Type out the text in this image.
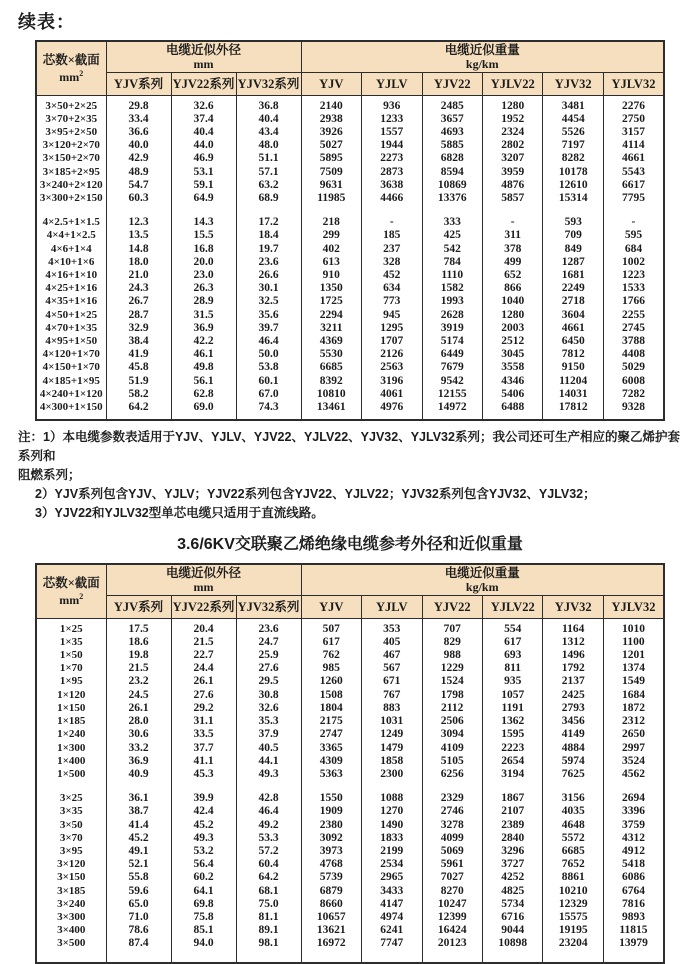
续表：
芯数×截面
$mm^2$

电缆近似外径
mm

电缆近似重量
kg/km

	YJV系列	YJV22系列	YJV32系列	YJV	YJLV	YJV22	YJLV22	YJV32	YJLV32

3×50+2×25	29.8	32.6	36.8	2140	936	2485	1280	3481	2276
3×70+2×35	33.4	37.4	40.4	2938	1233	3657	1952	4454	2750
3×95+2×50	36.6	40.4	43.4	3926	1557	4693	2324	5526	3157
3×120+2×70	40.0	44.0	48.0	5027	1944	5885	2802	7197	4114
3×150+2×70	42.9	46.9	51.1	5895	2273	6828	3207	8282	4661
3×185+2×95	48.9	53.1	57.1	7509	2873	8594	3959	10178	5543
3×240+2×120	54.7	59.1	63.2	9631	3638	10869	4876	12610	6617
3×300+2×150	60.3	64.9	68.9	11985	4466	13376	5857	15314	7795

4×2.5+1×1.5	12.3	14.3	17.2	218	-	333	-	593	-
4×4+1×2.5	13.5	15.5	18.4	299	185	425	311	709	595
4×6+1×4	14.8	16.8	19.7	402	237	542	378	849	684
4×10+1×6	18.0	20.0	23.6	613	328	784	499	1287	1002
4×16+1×10	21.0	23.0	26.6	910	452	1110	652	1681	1223
4×25+1×16	24.3	26.3	30.1	1350	634	1582	866	2249	1533
4×35+1×16	26.7	28.9	32.5	1725	773	1993	1040	2718	1766
4×50+1×25	28.7	31.5	35.6	2294	945	2628	1280	3604	2255
4×70+1×35	32.9	36.9	39.7	3211	1295	3919	2003	4661	2745
4×95+1×50	38.4	42.2	46.4	4369	1707	5174	2512	6450	3788
4×120+1×70	41.9	46.1	50.0	5530	2126	6449	3045	7812	4408
4×150+1×70	45.8	49.8	53.8	6685	2563	7679	3558	9150	5029
4×185+1×95	51.9	56.1	60.1	8392	3196	9542	4346	11204	6008
4×240+1×120	58.2	62.8	67.0	10810	4061	12155	5406	14031	7282
4×300+1×150	64.2	69.0	74.3	13461	4976	14972	6488	17812	9328

注：1）本电缆参数表适用于YJV、YJLV、YJV22、YJLV22、YJV32、YJLV32系列；我公司还可生产相应的聚乙烯护套系列和
阻燃系列；
2）YJV系列包含YJV、YJLV；YJV22系列包含YJV22、YJLV22；YJV32系列包含YJV32、YJLV32；
3）YJV22和YJLV32型单芯电缆只适用于直流线路。
3.6/6KV交联聚乙烯绝缘电缆参考外径和近似重量
芯数×截面
$mm^2$

电缆近似外径
mm

电缆近似重量
kg/km

	YJV系列	YJV22系列	YJV32系列	YJV	YJLV	YJV22	YJLV22	YJV32	YJLV32

1×25	17.5	20.4	23.6	507	353	707	554	1164	1010
1×35	18.6	21.5	24.7	617	405	829	617	1312	1100
1×50	19.8	22.7	25.9	762	467	988	693	1496	1201
1×70	21.5	24.4	27.6	985	567	1229	811	1792	1374
1×95	23.2	26.1	29.5	1260	671	1524	935	2137	1549
1×120	24.5	27.6	30.8	1508	767	1798	1057	2425	1684
1×150	26.1	29.2	32.6	1804	883	2112	1191	2793	1872
1×185	28.0	31.1	35.3	2175	1031	2506	1362	3456	2312
1×240	30.6	33.5	37.9	2747	1249	3094	1595	4149	2650
1×300	33.2	37.7	40.5	3365	1479	4109	2223	4884	2997
1×400	36.9	41.1	44.1	4309	1858	5105	2654	5974	3524
1×500	40.9	45.3	49.3	5363	2300	6256	3194	7625	4562

3×25	36.1	39.9	42.8	1550	1088	2329	1867	3156	2694
3×35	38.7	42.4	46.4	1909	1270	2746	2107	4035	3396
3×50	41.4	45.2	49.2	2380	1490	3278	2389	4648	3759
3×70	45.2	49.3	53.3	3092	1833	4099	2840	5572	4312
3×95	49.1	53.2	57.2	3973	2199	5069	3296	6685	4912
3×120	52.1	56.4	60.4	4768	2534	5961	3727	7652	5418
3×150	55.8	60.2	64.2	5739	2965	7027	4252	8861	6086
3×185	59.6	64.1	68.1	6879	3433	8270	4825	10210	6764
3×240	65.0	69.8	75.0	8660	4147	10247	5734	12329	7816
3×300	71.0	75.8	81.1	10657	4974	12399	6716	15575	9893
3×400	78.6	85.1	89.1	13621	6241	16424	9044	19195	11815
3×500	87.4	94.0	98.1	16972	7747	20123	10898	23204	13979
